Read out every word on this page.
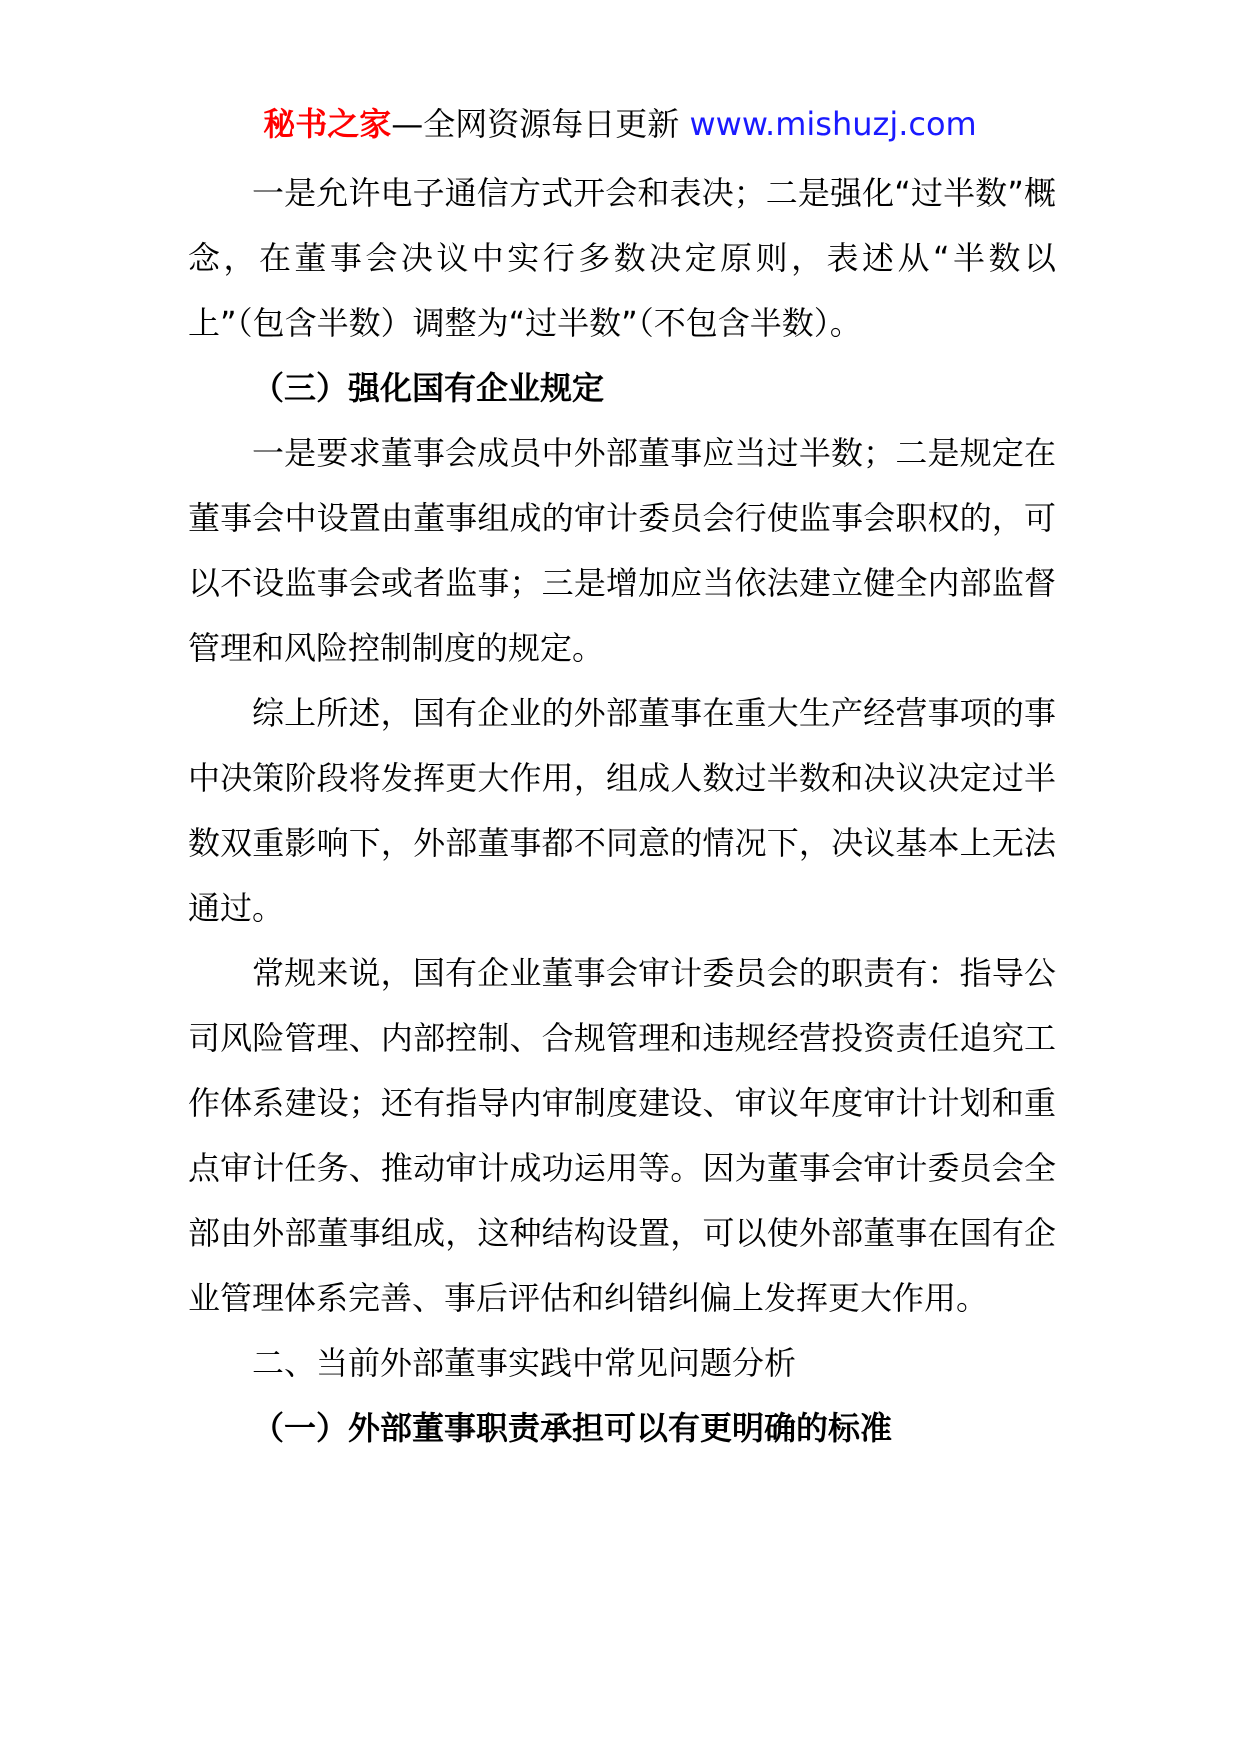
秘书之家—全网资源每日更新 www.mishuzj.com

一是允许电子通信方式开会和表决；二是强化“过半数”概念，在董事会决议中实行多数决定原则，表述从“半数以上”（包含半数）调整为“过半数”（不包含半数）。

（三）强化国有企业规定

一是要求董事会成员中外部董事应当过半数；二是规定在董事会中设置由董事组成的审计委员会行使监事会职权的，可以不设监事会或者监事；三是增加应当依法建立健全内部监督管理和风险控制制度的规定。

综上所述，国有企业的外部董事在重大生产经营事项的事中决策阶段将发挥更大作用，组成人数过半数和决议决定过半数双重影响下，外部董事都不同意的情况下，决议基本上无法通过。

常规来说，国有企业董事会审计委员会的职责有：指导公司风险管理、内部控制、合规管理和违规经营投资责任追究工作体系建设；还有指导内审制度建设、审议年度审计计划和重点审计任务、推动审计成功运用等。因为董事会审计委员会全部由外部董事组成，这种结构设置，可以使外部董事在国有企业管理体系完善、事后评估和纠错纠偏上发挥更大作用。

二、当前外部董事实践中常见问题分析

（一）外部董事职责承担可以有更明确的标准
